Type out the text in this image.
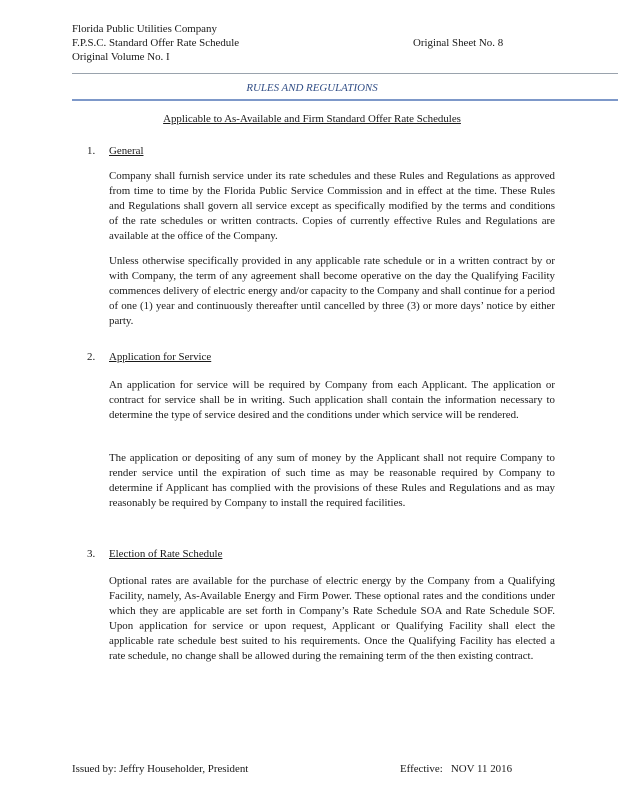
Florida Public Utilities Company
F.P.S.C. Standard Offer Rate Schedule
Original Volume No. I
Original Sheet No. 8
RULES AND REGULATIONS
Applicable to As-Available and Firm Standard Offer Rate Schedules
1. General

Company shall furnish service under its rate schedules and these Rules and Regulations as approved from time to time by the Florida Public Service Commission and in effect at the time. These Rules and Regulations shall govern all service except as specifically modified by the terms and conditions of the rate schedules or written contracts. Copies of currently effective Rules and Regulations are available at the office of the Company.

Unless otherwise specifically provided in any applicable rate schedule or in a written contract by or with Company, the term of any agreement shall become operative on the day the Qualifying Facility commences delivery of electric energy and/or capacity to the Company and shall continue for a period of one (1) year and continuously thereafter until cancelled by three (3) or more days’ notice by either party.

2. Application for Service

An application for service will be required by Company from each Applicant. The application or contract for service shall be in writing. Such application shall contain the information necessary to determine the type of service desired and the conditions under which service will be rendered.

The application or depositing of any sum of money by the Applicant shall not require Company to render service until the expiration of such time as may be reasonable required by Company to determine if Applicant has complied with the provisions of these Rules and Regulations and as may reasonably be required by Company to install the required facilities.

3. Election of Rate Schedule

Optional rates are available for the purchase of electric energy by the Company from a Qualifying Facility, namely, As-Available Energy and Firm Power. These optional rates and the conditions under which they are applicable are set forth in Company’s Rate Schedule SOA and Rate Schedule SOF. Upon application for service or upon request, Applicant or Qualifying Facility shall elect the applicable rate schedule best suited to his requirements. Once the Qualifying Facility has elected a rate schedule, no change shall be allowed during the remaining term of the then existing contract.

Issued by: Jeffry Householder, President	Effective:   NOV 11 2016
